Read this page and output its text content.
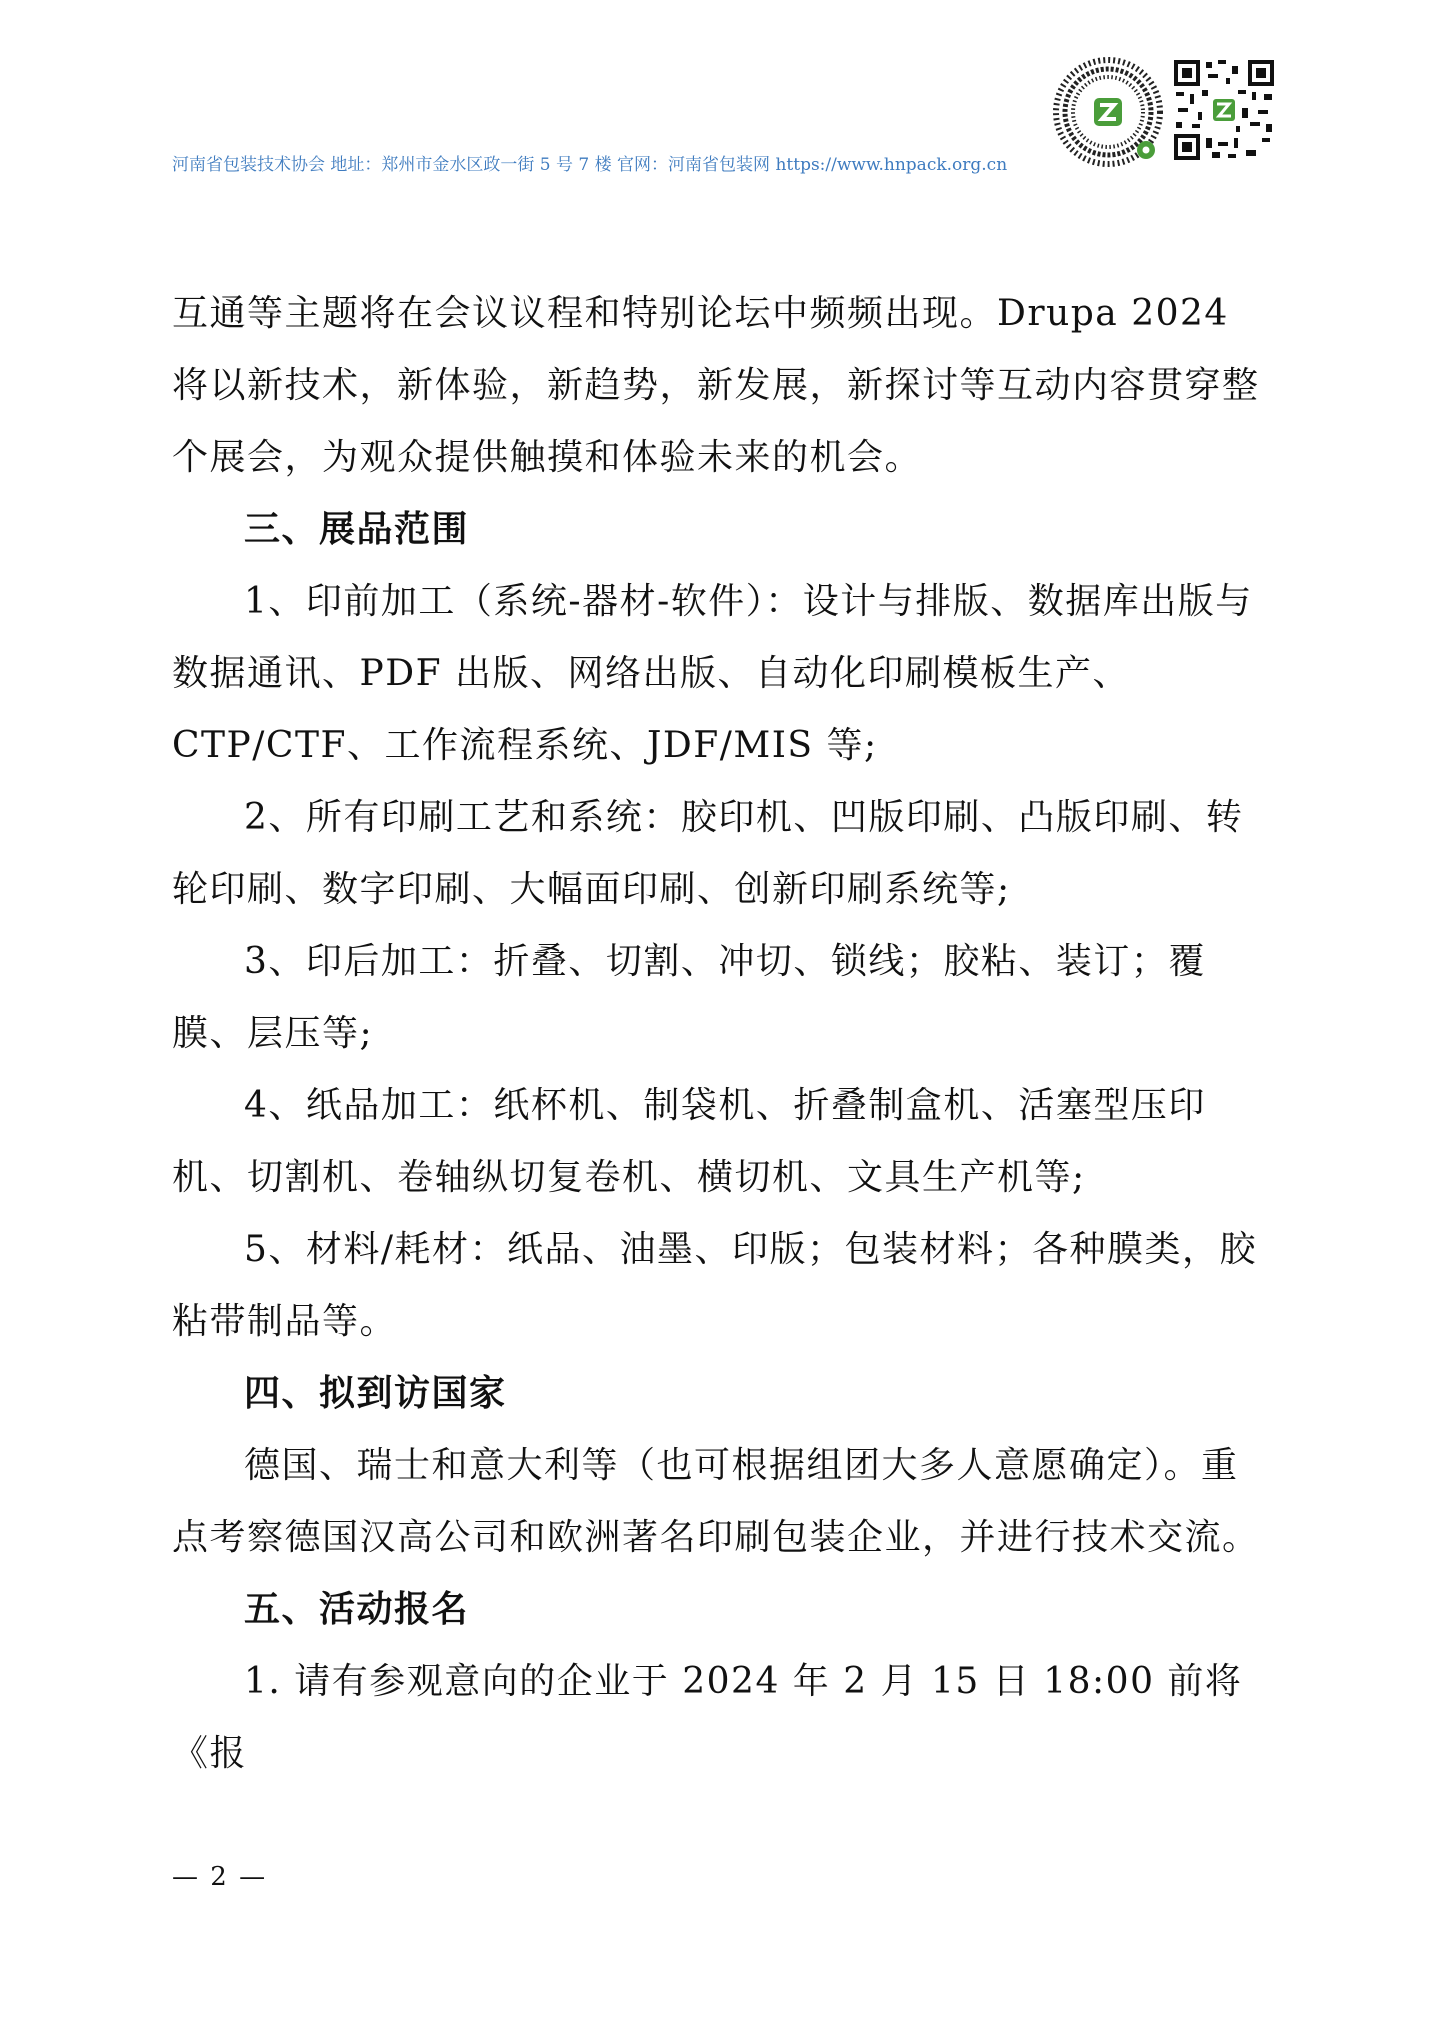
河南省包装技术协会 地址：郑州市金水区政一街 5 号 7 楼 官网：河南省包装网 https://www.hnpack.org.cn

互通等主题将在会议议程和特别论坛中频频出现。Drupa 2024 将以新技术，新体验，新趋势，新发展，新探讨等互动内容贯穿整个展会，为观众提供触摸和体验未来的机会。

三、展品范围

1、印前加工（系统-器材-软件）：设计与排版、数据库出版与数据通讯、PDF 出版、网络出版、自动化印刷模板生产、CTP/CTF、工作流程系统、JDF/MIS 等;

2、所有印刷工艺和系统：胶印机、凹版印刷、凸版印刷、转轮印刷、数字印刷、大幅面印刷、创新印刷系统等;

3、印后加工：折叠、切割、冲切、锁线；胶粘、装订；覆膜、层压等;

4、纸品加工：纸杯机、制袋机、折叠制盒机、活塞型压印机、切割机、卷轴纵切复卷机、横切机、文具生产机等;

5、材料/耗材：纸品、油墨、印版；包装材料；各种膜类，胶粘带制品等。

四、拟到访国家

德国、瑞士和意大利等（也可根据组团大多人意愿确定）。重点考察德国汉高公司和欧洲著名印刷包装企业，并进行技术交流。

五、活动报名

1. 请有参观意向的企业于 2024 年 2 月 15 日 18:00 前将《报

— 2 —
